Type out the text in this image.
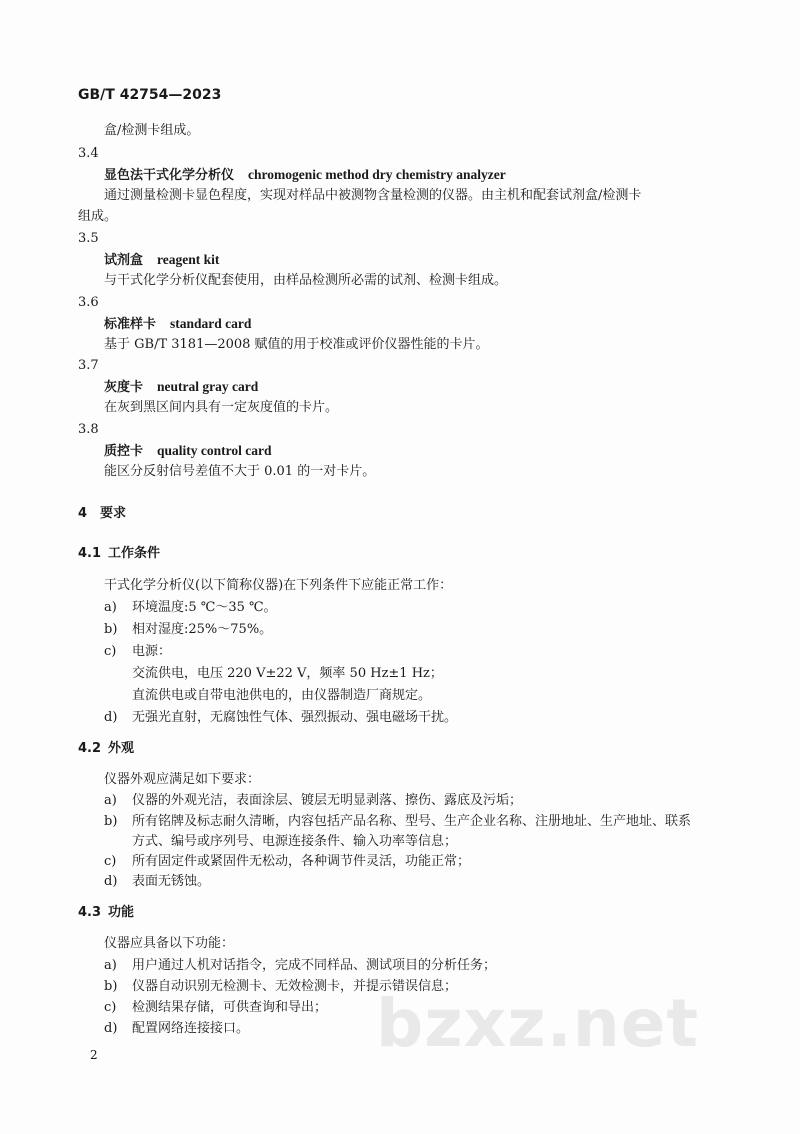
GB/T 42754—2023
盒/检测卡组成。
3.4
显色法干式化学分析仪 chromogenic method dry chemistry analyzer
通过测量检测卡显色程度，实现对样品中被测物含量检测的仪器。由主机和配套试剂盒/检测卡
组成。
3.5
试剂盒 reagent kit
与干式化学分析仪配套使用，由样品检测所必需的试剂、检测卡组成。
3.6
标准样卡 standard card
基于 GB/T 3181—2008 赋值的用于校准或评价仪器性能的卡片。
3.7
灰度卡 neutral gray card
在灰到黑区间内具有一定灰度值的卡片。
3.8
质控卡 quality control card
能区分反射信号差值不大于 0.01 的一对卡片。
4 要求
4.1 工作条件
干式化学分析仪(以下简称仪器)在下列条件下应能正常工作：
a) 环境温度:5 ℃～35 ℃。
b) 相对湿度:25%～75%。
c) 电源：
交流供电，电压 220 V±22 V，频率 50 Hz±1 Hz；
直流供电或自带电池供电的，由仪器制造厂商规定。
d) 无强光直射，无腐蚀性气体、强烈振动、强电磁场干扰。
4.2 外观
仪器外观应满足如下要求：
a) 仪器的外观光洁，表面涂层、镀层无明显剥落、擦伤、露底及污垢；
b) 所有铭牌及标志耐久清晰，内容包括产品名称、型号、生产企业名称、注册地址、生产地址、联系
方式、编号或序列号、电源连接条件、输入功率等信息；
c) 所有固定件或紧固件无松动，各种调节件灵活，功能正常；
d) 表面无锈蚀。
4.3 功能
仪器应具备以下功能：
a) 用户通过人机对话指令，完成不同样品、测试项目的分析任务；
b) 仪器自动识别无检测卡、无效检测卡，并提示错误信息；
c) 检测结果存储，可供查询和导出；
d) 配置网络连接接口。 bzxz.net
2
